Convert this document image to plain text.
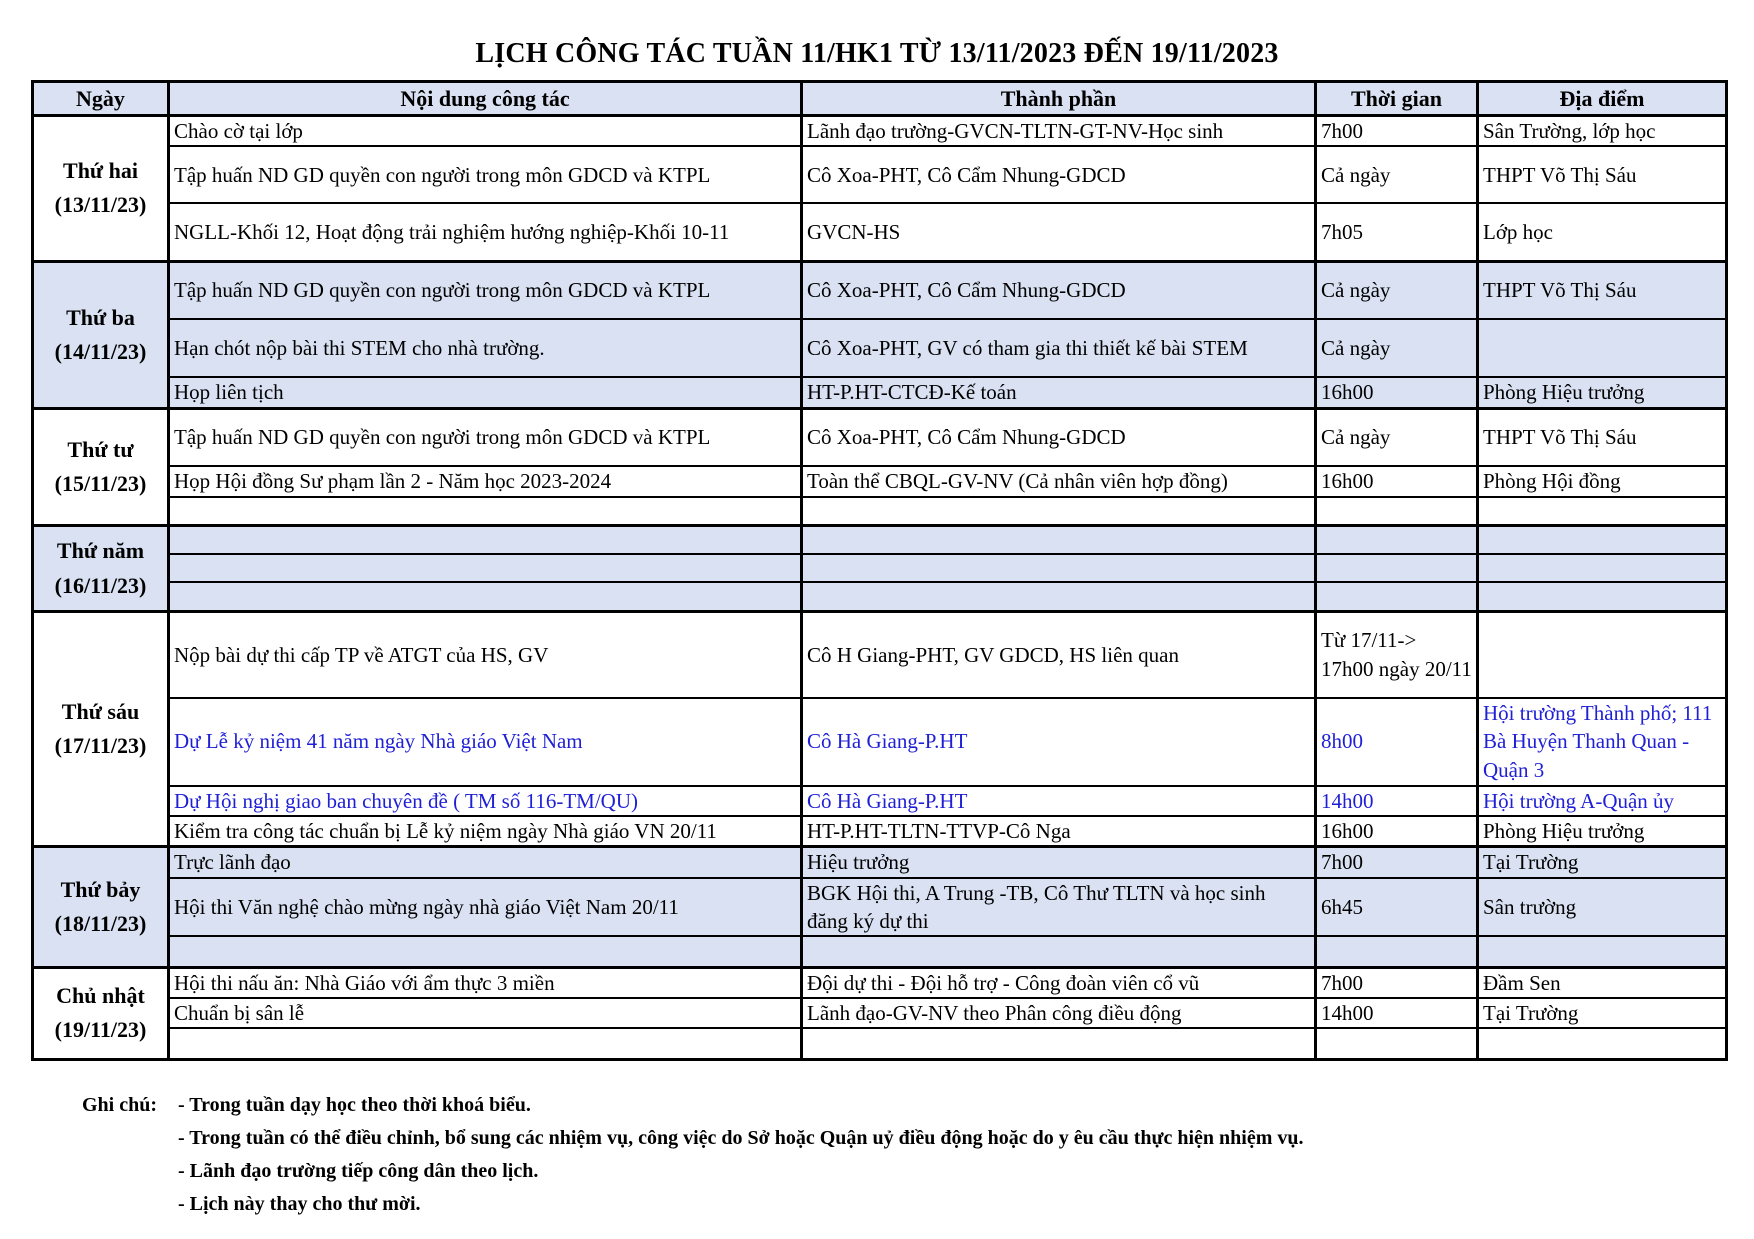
LỊCH CÔNG TÁC TUẦN 11/HK1 TỪ 13/11/2023 ĐẾN 19/11/2023
Ngày	Nội dung công tác	Thành phần	Thời gian	Địa điểm
Thứ hai
(13/11/23)	Chào cờ tại lớp	Lãnh đạo trường-GVCN-TLTN-GT-NV-Học sinh	7h00	Sân Trường, lớp học
	Tập huấn ND GD quyền con người trong môn GDCD và KTPL	Cô Xoa-PHT, Cô Cẩm Nhung-GDCD	Cả ngày	THPT Võ Thị Sáu
	NGLL-Khối 12, Hoạt động trải nghiệm hướng nghiệp-Khối 10-11	GVCN-HS	7h05	Lớp học
Thứ ba
(14/11/23)	Tập huấn ND GD quyền con người trong môn GDCD và KTPL	Cô Xoa-PHT, Cô Cẩm Nhung-GDCD	Cả ngày	THPT Võ Thị Sáu
	Hạn chót nộp bài thi STEM cho nhà trường.	Cô Xoa-PHT, GV có tham gia thi thiết kế bài STEM	Cả ngày	
	Họp liên tịch	HT-P.HT-CTCĐ-Kế toán	16h00	Phòng Hiệu trưởng
Thứ tư
(15/11/23)	Tập huấn ND GD quyền con người trong môn GDCD và KTPL	Cô Xoa-PHT, Cô Cẩm Nhung-GDCD	Cả ngày	THPT Võ Thị Sáu
	Họp Hội đồng Sư phạm lần 2 - Năm học 2023-2024	Toàn thể CBQL-GV-NV (Cả nhân viên hợp đồng)	16h00	Phòng Hội đồng

Thứ năm
(16/11/23)				

Thứ sáu
(17/11/23)	Nộp bài dự thi cấp TP về ATGT của HS, GV	Cô H Giang-PHT, GV GDCD, HS liên quan	Từ 17/11-> 17h00 ngày 20/11	
	Dự Lễ kỷ niệm 41 năm ngày Nhà giáo Việt Nam	Cô Hà Giang-P.HT	8h00	Hội trường Thành phố; 111 Bà Huyện Thanh Quan - Quận 3
	Dự Hội nghị giao ban chuyên đề ( TM số 116-TM/QU)	Cô Hà Giang-P.HT	14h00	Hội trường A-Quận ủy
	Kiểm tra công tác chuẩn bị Lễ kỷ niệm ngày Nhà giáo VN 20/11	HT-P.HT-TLTN-TTVP-Cô Nga	16h00	Phòng Hiệu trưởng
Thứ bảy
(18/11/23)	Trực lãnh đạo	Hiệu trưởng	7h00	Tại Trường
	Hội thi Văn nghệ chào mừng ngày nhà giáo Việt Nam 20/11	BGK Hội thi, A Trung -TB, Cô Thư TLTN và học sinh đăng ký dự thi	6h45	Sân trường

Chủ nhật
(19/11/23)	Hội thi nấu ăn: Nhà Giáo với ẩm thực 3 miền	Đội dự thi - Đội hỗ trợ - Công đoàn viên cổ vũ	7h00	Đầm Sen
	Chuẩn bị sân lễ	Lãnh đạo-GV-NV theo Phân công điều động	14h00	Tại Trường

Ghi chú:	- Trong tuần dạy học theo thời khoá biểu.
- Trong tuần có thể điều chỉnh, bổ sung các nhiệm vụ, công việc do Sở hoặc Quận uỷ điều động hoặc do y êu cầu thực hiện nhiệm vụ.
- Lãnh đạo trường tiếp công dân theo lịch.
- Lịch này thay cho thư mời.
